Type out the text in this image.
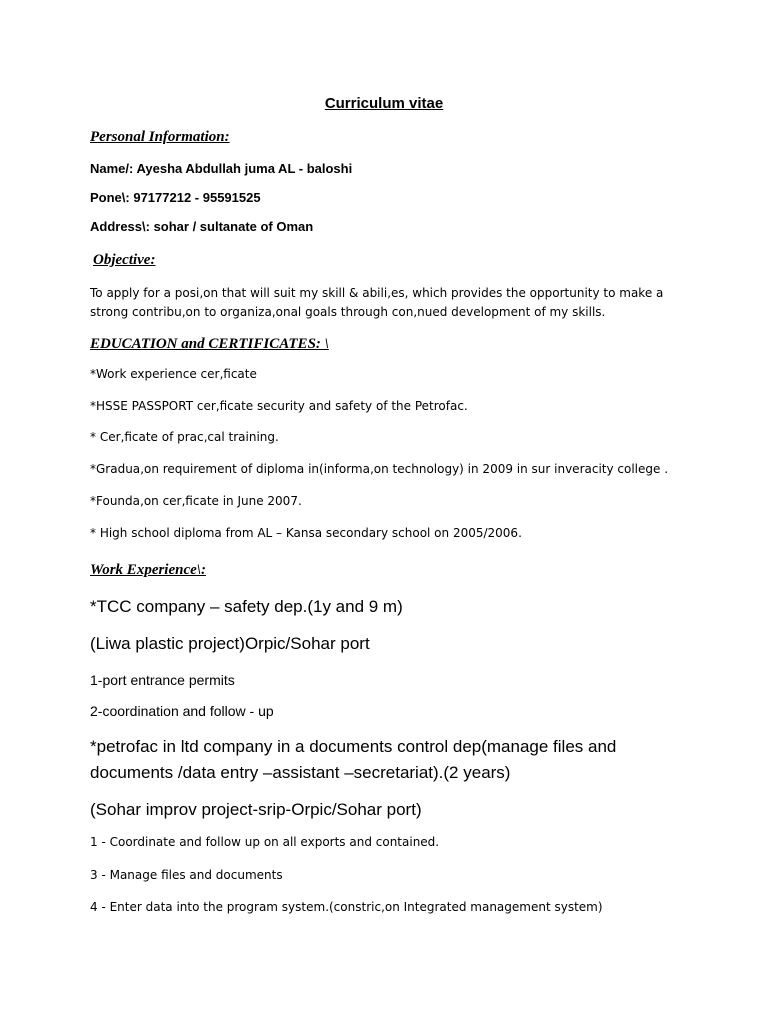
Curriculum vitae
Personal Information:
Name/: Ayesha Abdullah juma AL - baloshi
Pone\: 97177212 - 95591525
Address\: sohar / sultanate of Oman
Objective:
To apply for a posi‚on that will suit my skill & abili‚es, which provides the opportunity to make a strong contribu‚on to organiza‚onal goals through con‚nued development of my skills.
EDUCATION and CERTIFICATES: \
*Work experience cer‚ficate
*HSSE PASSPORT cer‚ficate security and safety of the Petrofac.
* Cer‚ficate of prac‚cal training.
*Gradua‚on requirement of diploma in(informa‚on technology) in 2009 in sur inveracity college .
*Founda‚on cer‚ficate in June 2007.
* High school diploma from AL – Kansa secondary school on 2005/2006.
Work Experience\:
*TCC company – safety dep.(1y and 9 m)
(Liwa plastic project)Orpic/Sohar port
1-port entrance permits
2-coordination and follow - up
*petrofac in ltd company in a documents control dep(manage files and documents /data entry –assistant –secretariat).(2 years)
(Sohar improv project-srip-Orpic/Sohar port)
1 - Coordinate and follow up on all exports and contained.
3 - Manage files and documents
4 - Enter data into the program system.(constric‚on Integrated management system)
